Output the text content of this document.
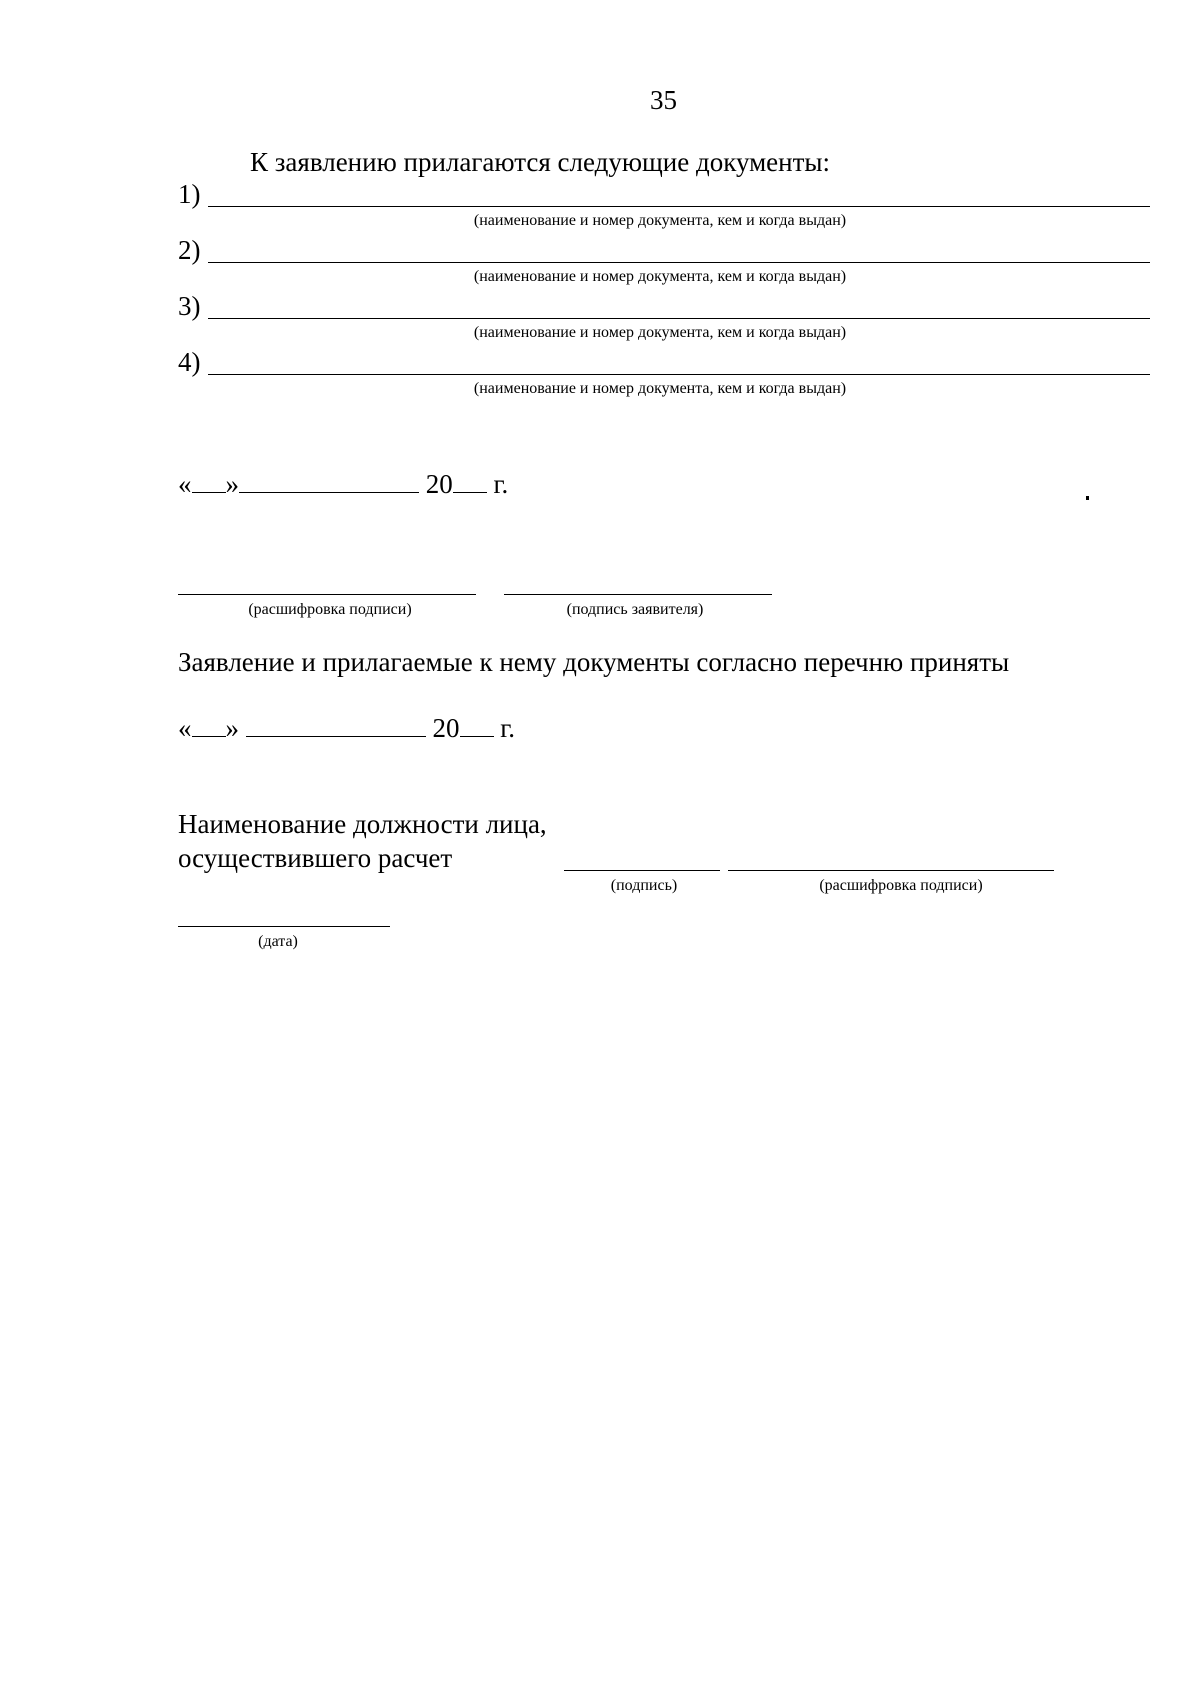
35
К заявлению прилагаются следующие документы:
1)
(наименование и номер документа, кем и когда выдан)
2)
(наименование и номер документа, кем и когда выдан)
3)
(наименование и номер документа, кем и когда выдан)
4)
(наименование и номер документа, кем и когда выдан)
« »	20 г.
(расшифровка подписи)	(подпись заявителя)
Заявление и прилагаемые к нему документы согласно перечню приняты
« »	20 г.
Наименование должности лица,
осуществившего расчет
(подпись)	(расшифровка подписи)
(дата)
